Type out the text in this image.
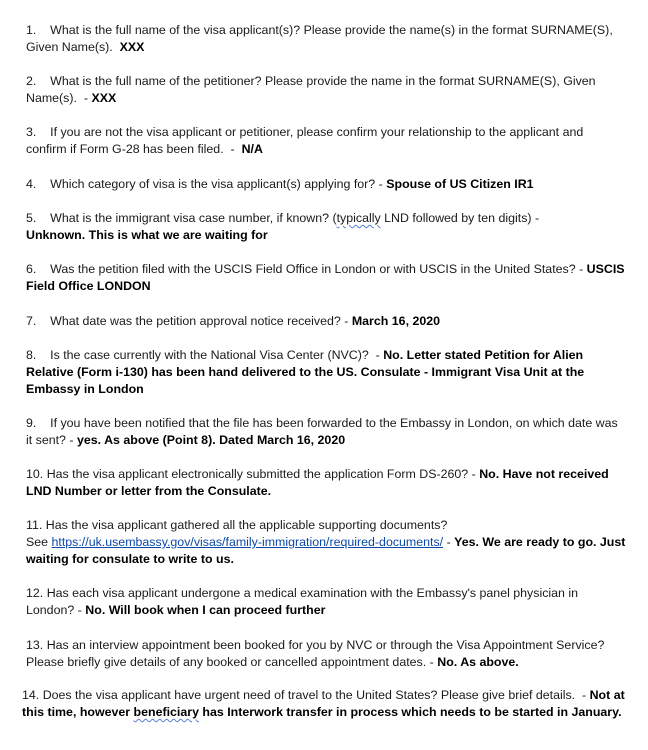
1. What is the full name of the visa applicant(s)? Please provide the name(s) in the format SURNAME(S), Given Name(s). XXX

2. What is the full name of the petitioner? Please provide the name in the format SURNAME(S), Given Name(s). - XXX

3. If you are not the visa applicant or petitioner, please confirm your relationship to the applicant and confirm if Form G-28 has been filed. - N/A

4. Which category of visa is the visa applicant(s) applying for? - Spouse of US Citizen IR1

5. What is the immigrant visa case number, if known? (typically LND followed by ten digits) -
Unknown. This is what we are waiting for

6. Was the petition filed with the USCIS Field Office in London or with USCIS in the United States? - USCIS Field Office LONDON

7. What date was the petition approval notice received? - March 16, 2020

8. Is the case currently with the National Visa Center (NVC)? - No. Letter stated Petition for Alien Relative (Form i-130) has been hand delivered to the US. Consulate - Immigrant Visa Unit at the Embassy in London

9. If you have been notified that the file has been forwarded to the Embassy in London, on which date was it sent? - yes. As above (Point 8). Dated March 16, 2020

10. Has the visa applicant electronically submitted the application Form DS-260? - No. Have not received LND Number or letter from the Consulate.

11. Has the visa applicant gathered all the applicable supporting documents?
See https://uk.usembassy.gov/visas/family-immigration/required-documents/ - Yes. We are ready to go. Just waiting for consulate to write to us.

12. Has each visa applicant undergone a medical examination with the Embassy's panel physician in London? - No. Will book when I can proceed further

13. Has an interview appointment been booked for you by NVC or through the Visa Appointment Service? Please briefly give details of any booked or cancelled appointment dates. - No. As above.

14. Does the visa applicant have urgent need of travel to the United States? Please give brief details. - Not at this time, however beneficiary has Interwork transfer in process which needs to be started in January.
